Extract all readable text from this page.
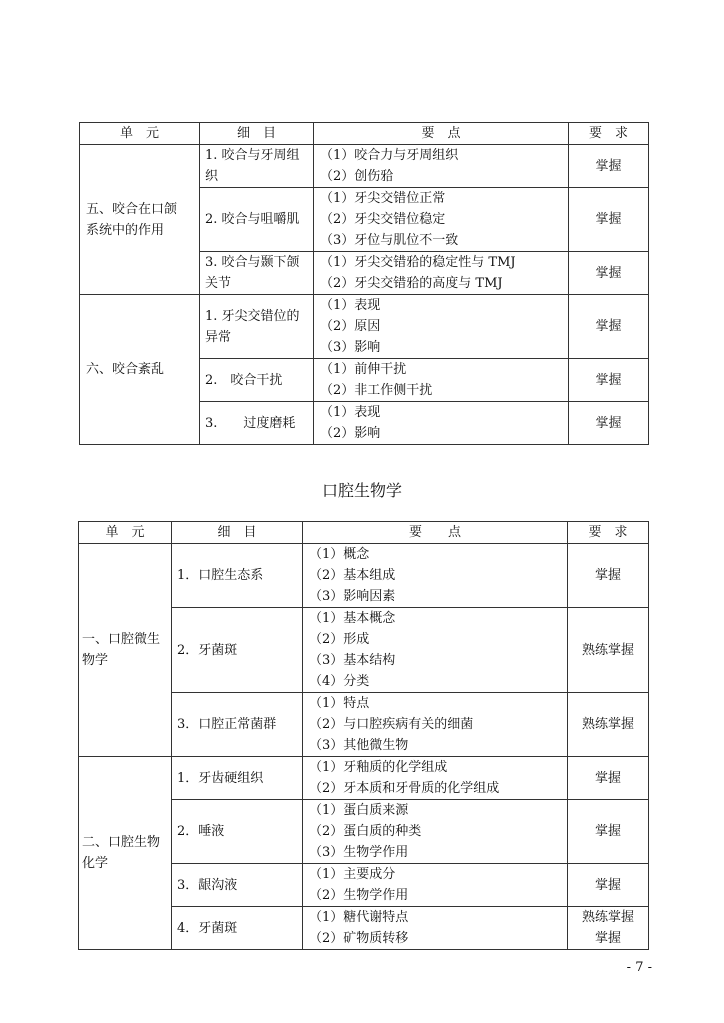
单　元	细　目	要　点	要　求

五、咬合在口颌
系统中的作用	1. 咬合与牙周组
织	（1）咬合力与牙周组织
（2）创伤𬌗	掌握
	2. 咬合与咀嚼肌	（1）牙尖交错位正常
（2）牙尖交错位稳定
（3）牙位与肌位不一致	掌握

	3. 咬合与颞下颌
关节	（1）牙尖交错𬌗的稳定性与 TMJ
（2）牙尖交错𬌗的高度与 TMJ	掌握
六、咬合紊乱	1. 牙尖交错位的
异常	（1）表现
（2）原因
（3）影响	掌握
	2.　咬合干扰	（1）前伸干扰
（2）非工作侧干扰	掌握
	3.　　过度磨耗	（1）表现
（2）影响	掌握
口腔生物学
单　元	细　目	要　　点	要　求

一、口腔微生
物学	1．口腔生态系	（1）概念
（2）基本组成
（3）影响因素	掌握
	2．牙菌斑	（1）基本概念
（2）形成
（3）基本结构
（4）分类	熟练掌握
	3．口腔正常菌群	（1）特点
（2）与口腔疾病有关的细菌
（3）其他微生物	熟练掌握

二、口腔生物
化学	1．牙齿硬组织	（1）牙釉质的化学组成
（2）牙本质和牙骨质的化学组成	掌握
	2．唾液	（1）蛋白质来源
（2）蛋白质的种类
（3）生物学作用	掌握
	3．龈沟液	（1）主要成分
（2）生物学作用	掌握
	4．牙菌斑	（1）糖代谢特点
（2）矿物质转移	熟练掌握
掌握
- 7 -
